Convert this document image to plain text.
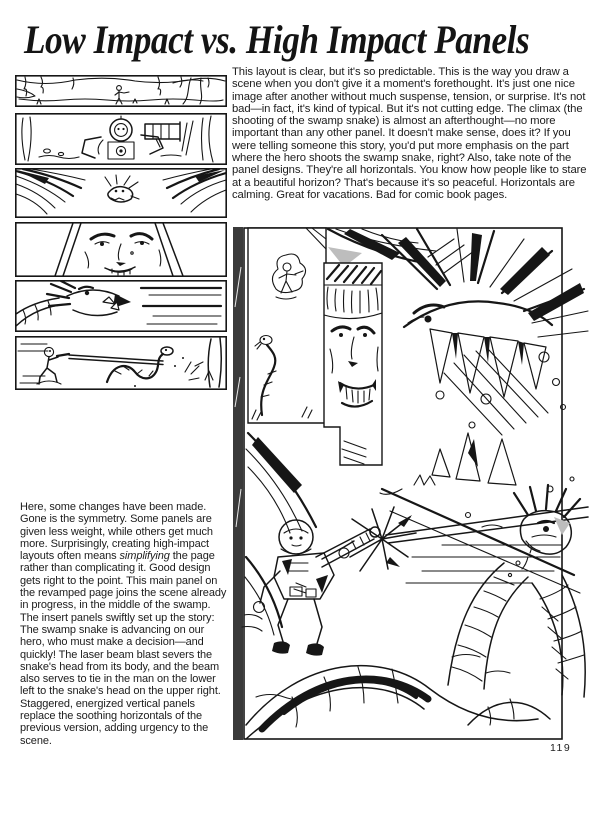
Low Impact vs. High Impact Panels

This layout is clear, but it's so predictable. This is the way you draw a scene when you don't give it a moment's forethought. It's just one nice image after another without much suspense, tension, or surprise. It's not bad—in fact, it's kind of typical. But it's not cutting edge. The climax (the shooting of the swamp snake) is almost an afterthought—no more important than any other panel. It doesn't make sense, does it? If you were telling someone this story, you'd put more emphasis on the part where the hero shoots the swamp snake, right? Also, take note of the panel designs. They're all horizontals. You know how people like to stare at a beautiful horizon? That's because it's so peaceful. Horizontals are calming. Great for vacations. Bad for comic book pages.

Here, some changes have been made. Gone is the symmetry. Some panels are given less weight, while others get much more. Surprisingly, creating high-impact layouts often means simplifying the page rather than complicating it. Good design gets right to the point. This main panel on the revamped page joins the scene already in progress, in the middle of the swamp. The insert panels swiftly set up the story: The swamp snake is advancing on our hero, who must make a decision—and quickly! The laser beam blast severs the snake's head from its body, and the beam also serves to tie in the man on the lower left to the snake's head on the upper right. Staggered, energized vertical panels replace the soothing horizontals of the previous version, adding urgency to the scene.

119
